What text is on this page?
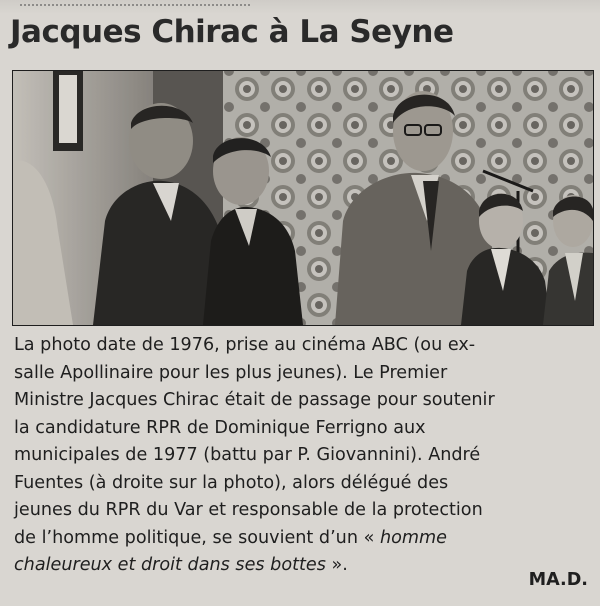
Jacques Chirac à La Seyne
La photo date de 1976, prise au cinéma ABC (ou ex-
salle Apollinaire pour les plus jeunes). Le Premier
Ministre Jacques Chirac était de passage pour soutenir
la candidature RPR de Dominique Ferrigno aux
municipales de 1977 (battu par P. Giovannini). André
Fuentes (à droite sur la photo), alors délégué des
jeunes du RPR du Var et responsable de la protection
de l’homme politique, se souvient d’un « homme
chaleureux et droit dans ses bottes ».
MA.D.
